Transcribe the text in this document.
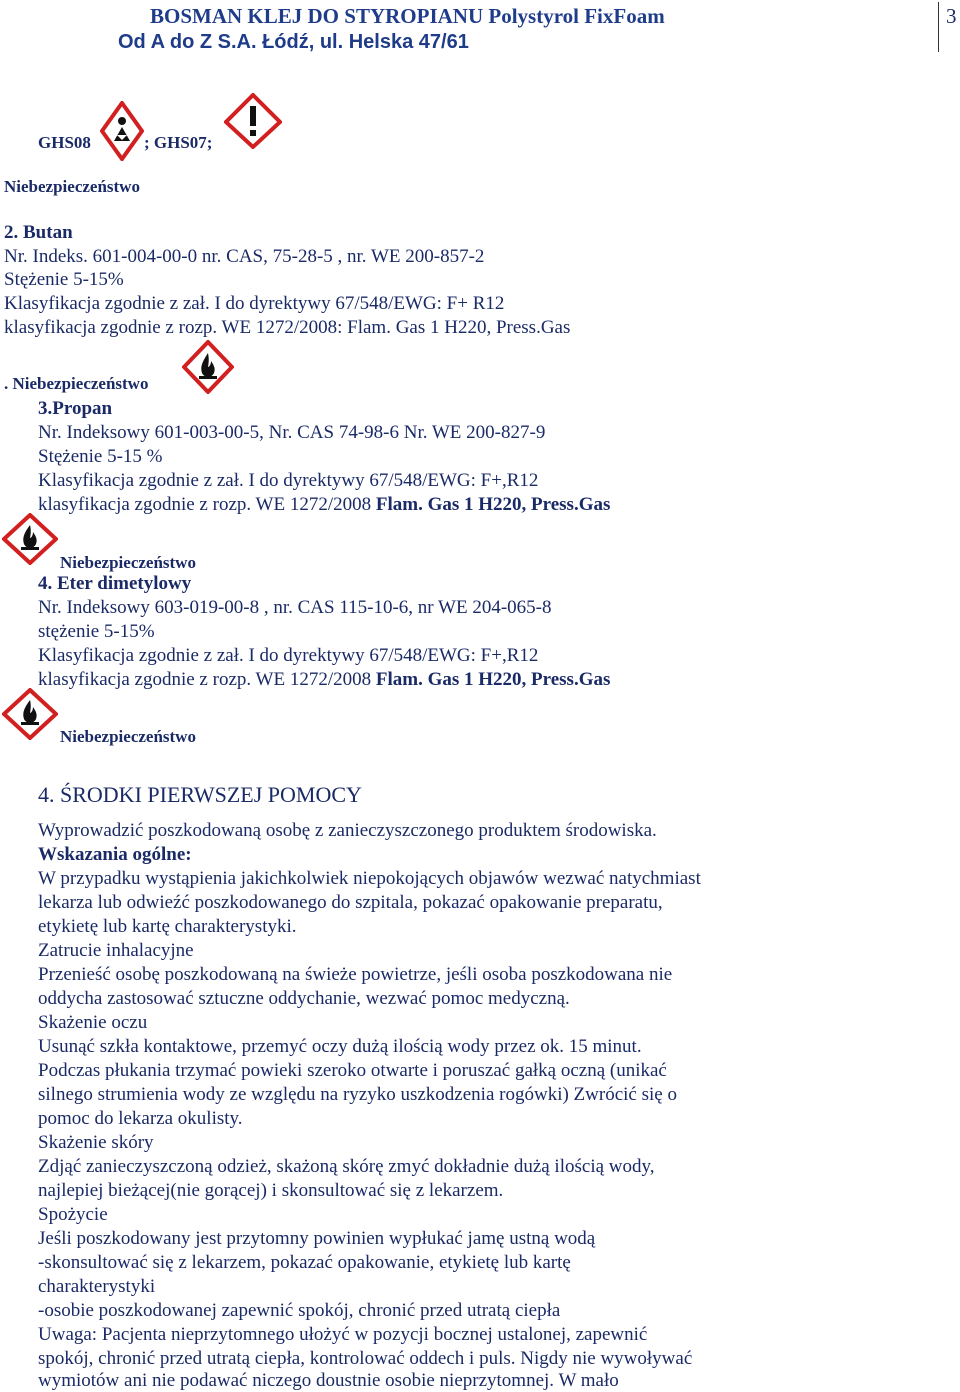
BOSMAN KLEJ DO STYROPIANU Polystyrol FixFoam
Od A do Z S.A. Łódź, ul. Helska 47/61
3
GHS08	; GHS07;
Niebezpieczeństwo
2. Butan
Nr. Indeks. 601-004-00-0 nr. CAS, 75-28-5 , nr. WE 200-857-2
Stężenie 5-15%
Klasyfikacja zgodnie z zał. I do dyrektywy 67/548/EWG: F+ R12
klasyfikacja zgodnie z rozp. WE 1272/2008: Flam. Gas 1 H220, Press.Gas
. Niebezpieczeństwo
3.Propan
Nr. Indeksowy 601-003-00-5, Nr. CAS 74-98-6 Nr. WE 200-827-9
Stężenie 5-15 %
Klasyfikacja zgodnie z zał. I do dyrektywy 67/548/EWG: F+,R12
klasyfikacja zgodnie z rozp. WE 1272/2008 Flam. Gas 1 H220, Press.Gas
Niebezpieczeństwo
4. Eter dimetylowy
Nr. Indeksowy 603-019-00-8 , nr. CAS 115-10-6, nr WE 204-065-8
stężenie 5-15%
Klasyfikacja zgodnie z zał. I do dyrektywy 67/548/EWG: F+,R12
klasyfikacja zgodnie z rozp. WE 1272/2008 Flam. Gas 1 H220, Press.Gas
Niebezpieczeństwo
4. ŚRODKI PIERWSZEJ POMOCY
Wyprowadzić poszkodowaną osobę z zanieczyszczonego produktem środowiska.
Wskazania ogólne:
W przypadku wystąpienia jakichkolwiek niepokojących objawów wezwać natychmiast
lekarza lub odwieźć poszkodowanego do szpitala, pokazać opakowanie preparatu,
etykietę lub kartę charakterystyki.
Zatrucie inhalacyjne
Przenieść osobę poszkodowaną na świeże powietrze, jeśli osoba poszkodowana nie
oddycha zastosować sztuczne oddychanie, wezwać pomoc medyczną.
Skażenie oczu
Usunąć szkła kontaktowe, przemyć oczy dużą ilością wody przez ok. 15 minut.
Podczas płukania trzymać powieki szeroko otwarte i poruszać gałką oczną (unikać
silnego strumienia wody ze względu na ryzyko uszkodzenia rogówki) Zwrócić się o
pomoc do lekarza okulisty.
Skażenie skóry
Zdjąć zanieczyszczoną odzież, skażoną skórę zmyć dokładnie dużą ilością wody,
najlepiej bieżącej(nie gorącej) i skonsultować się z lekarzem.
Spożycie
Jeśli poszkodowany jest przytomny powinien wypłukać jamę ustną wodą
-skonsultować się z lekarzem, pokazać opakowanie, etykietę lub kartę
charakterystyki
-osobie poszkodowanej zapewnić spokój, chronić przed utratą ciepła
Uwaga: Pacjenta nieprzytomnego ułożyć w pozycji bocznej ustalonej, zapewnić
spokój, chronić przed utratą ciepła, kontrolować oddech i puls. Nigdy nie wywoływać
wymiotów ani nie podawać niczego doustnie osobie nieprzytomnej. W mało
